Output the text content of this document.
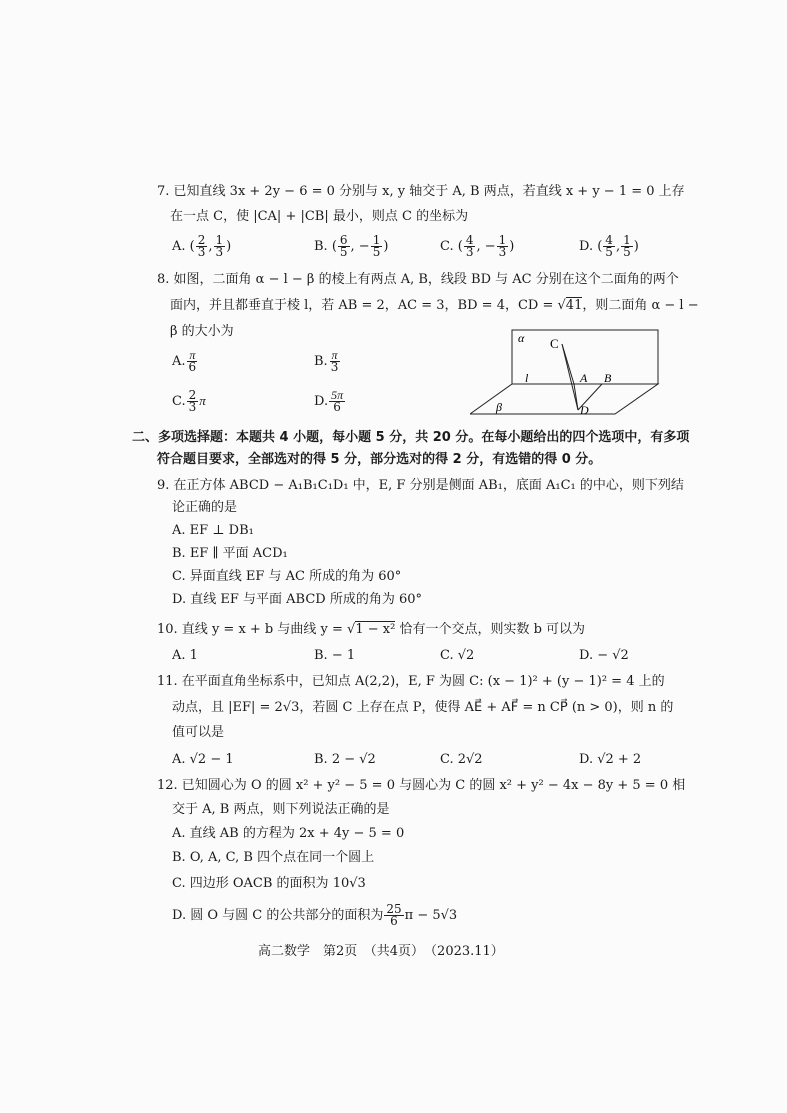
7. 已知直线 3x + 2y − 6 = 0 分别与 x, y 轴交于 A, B 两点，若直线 x + y − 1 = 0 上存
在一点 C，使 |CA| + |CB| 最小，则点 C 的坐标为
A. ( $\frac{2}{3}$ , $\frac{1}{3}$ )	B. ( $\frac{6}{5}$ , − $\frac{1}{5}$ )	C. ( $\frac{4}{3}$ , − $\frac{1}{3}$ )	D. ( $\frac{4}{5}$ , $\frac{1}{5}$ )
8. 如图，二面角 α − l − β 的棱上有两点 A, B，线段 BD 与 AC 分别在这个二面角的两个
面内，并且都垂直于棱 l，若 AB = 2，AC = 3，BD = 4，CD = √41，则二面角 α − l −
β 的大小为
A. $\frac{\pi}{6}$	B. $\frac{\pi}{3}$
C. $\frac{2}{3}$ π	D. $\frac{5\pi}{6}$
α C
l	A B
β	D
二、多项选择题：本题共 4 小题，每小题 5 分，共 20 分。在每小题给出的四个选项中，有多项
符合题目要求，全部选对的得 5 分，部分选对的得 2 分，有选错的得 0 分。
9. 在正方体 ABCD − A₁B₁C₁D₁ 中，E, F 分别是侧面 AB₁，底面 A₁C₁ 的中心，则下列结
论正确的是
A. EF ⊥ DB₁
B. EF ∥ 平面 ACD₁
C. 异面直线 EF 与 AC 所成的角为 60°
D. 直线 EF 与平面 ABCD 所成的角为 60°
10. 直线 y = x + b 与曲线 y = √1 − x² 恰有一个交点，则实数 b 可以为
A. 1	B. − 1	C. √2	D. − √2
11. 在平面直角坐标系中，已知点 A(2,2)，E, F 为圆 C: (x − 1)² + (y − 1)² = 4 上的
动点，且 |EF| = 2√3，若圆 C 上存在点 P，使得 AE⃗ + AF⃗ = n CP⃗ (n > 0)，则 n 的
值可以是
A. √2 − 1	B. 2 − √2	C. 2√2	D. √2 + 2
12. 已知圆心为 O 的圆 x² + y² − 5 = 0 与圆心为 C 的圆 x² + y² − 4x − 8y + 5 = 0 相
交于 A, B 两点，则下列说法正确的是
A. 直线 AB 的方程为 2x + 4y − 5 = 0
B. O, A, C, B 四个点在同一个圆上
C. 四边形 OACB 的面积为 10√3
D. 圆 O 与圆 C 的公共部分的面积为 $\frac{25}{6}$ π − 5√3
高二数学　第2页　（共4页）　（2023.11）
